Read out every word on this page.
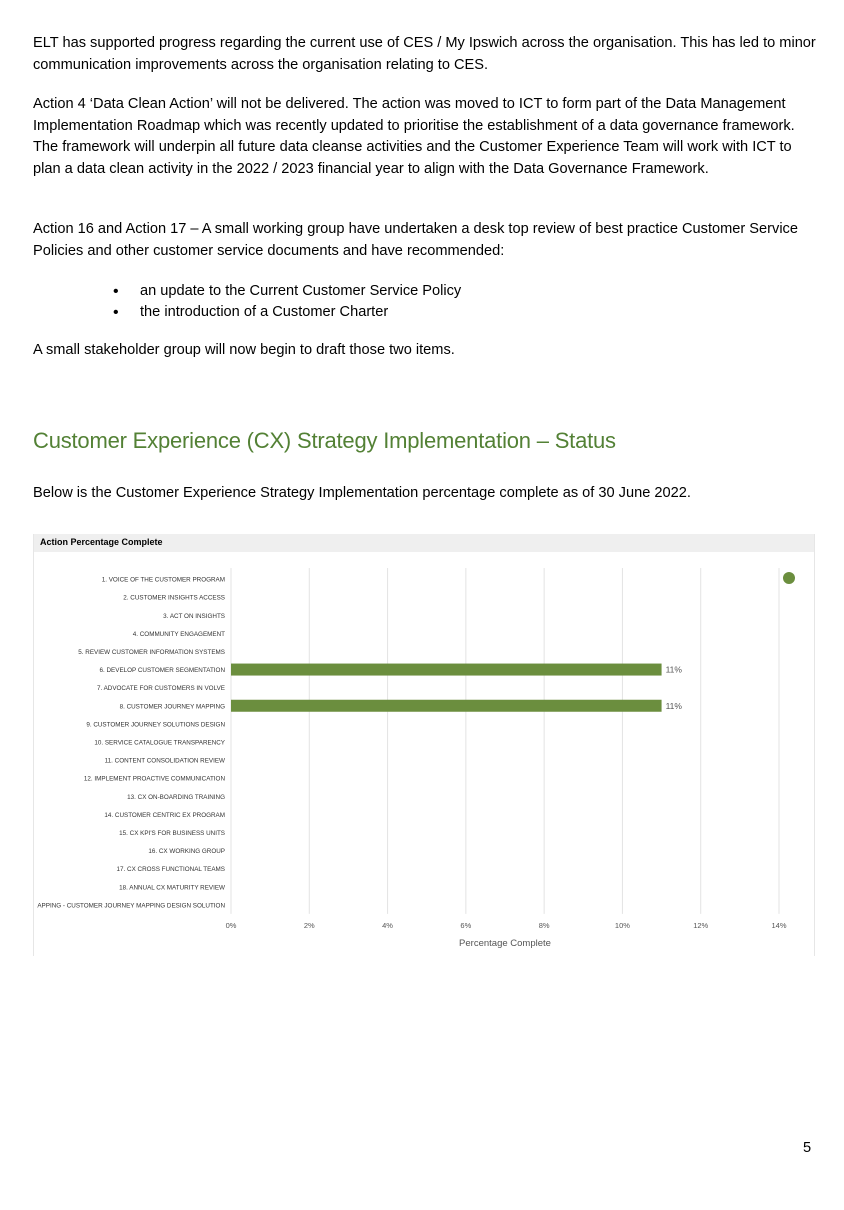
ELT has supported progress regarding the current use of CES / My Ipswich across the organisation. This has led to minor communication improvements across the organisation relating to CES.

Action 4 ‘Data Clean Action’ will not be delivered. The action was moved to ICT to form part of the Data Management Implementation Roadmap which was recently updated to prioritise the establishment of a data governance framework. The framework will underpin all future data cleanse activities and the Customer Experience Team will work with ICT to plan a data clean activity in the 2022 / 2023 financial year to align with the Data Governance Framework.

Action 16 and Action 17 – A small working group have undertaken a desk top review of best practice Customer Service Policies and other customer service documents and have recommended:

• an update to the Current Customer Service Policy
• the introduction of a Customer Charter

A small stakeholder group will now begin to draft those two items.

Customer Experience (CX) Strategy Implementation – Status

Below is the Customer Experience Strategy Implementation percentage complete as of 30 June 2022.

Action Percentage Complete
0%	2%	4%	6%	8%	10%	12%	14%
Percentage Complete
1. VOICE OF THE CUSTOMER PROGRAM
2. CUSTOMER INSIGHTS ACCESS
3. ACT ON INSIGHTS
4. COMMUNITY ENGAGEMENT
5. REVIEW CUSTOMER INFORMATION SYSTEMS
6. DEVELOP CUSTOMER SEGMENTATION	11%
7. ADVOCATE FOR CUSTOMERS IN VOLVE
8. CUSTOMER JOURNEY MAPPING	11%
9. CUSTOMER JOURNEY SOLUTIONS DESIGN
10. SERVICE CATALOGUE TRANSPARENCY
11. CONTENT CONSOLIDATION REVIEW
12. IMPLEMENT PROACTIVE COMMUNICATION
13. CX ON-BOARDING TRAINING
14. CUSTOMER CENTRIC EX PROGRAM
15. CX KPI'S FOR BUSINESS UNITS
16. CX WORKING GROUP
17. CX CROSS FUNCTIONAL TEAMS
18. ANNUAL CX MATURITY REVIEW
APPING - CUSTOMER JOURNEY MAPPING DESIGN SOLUTION
5
